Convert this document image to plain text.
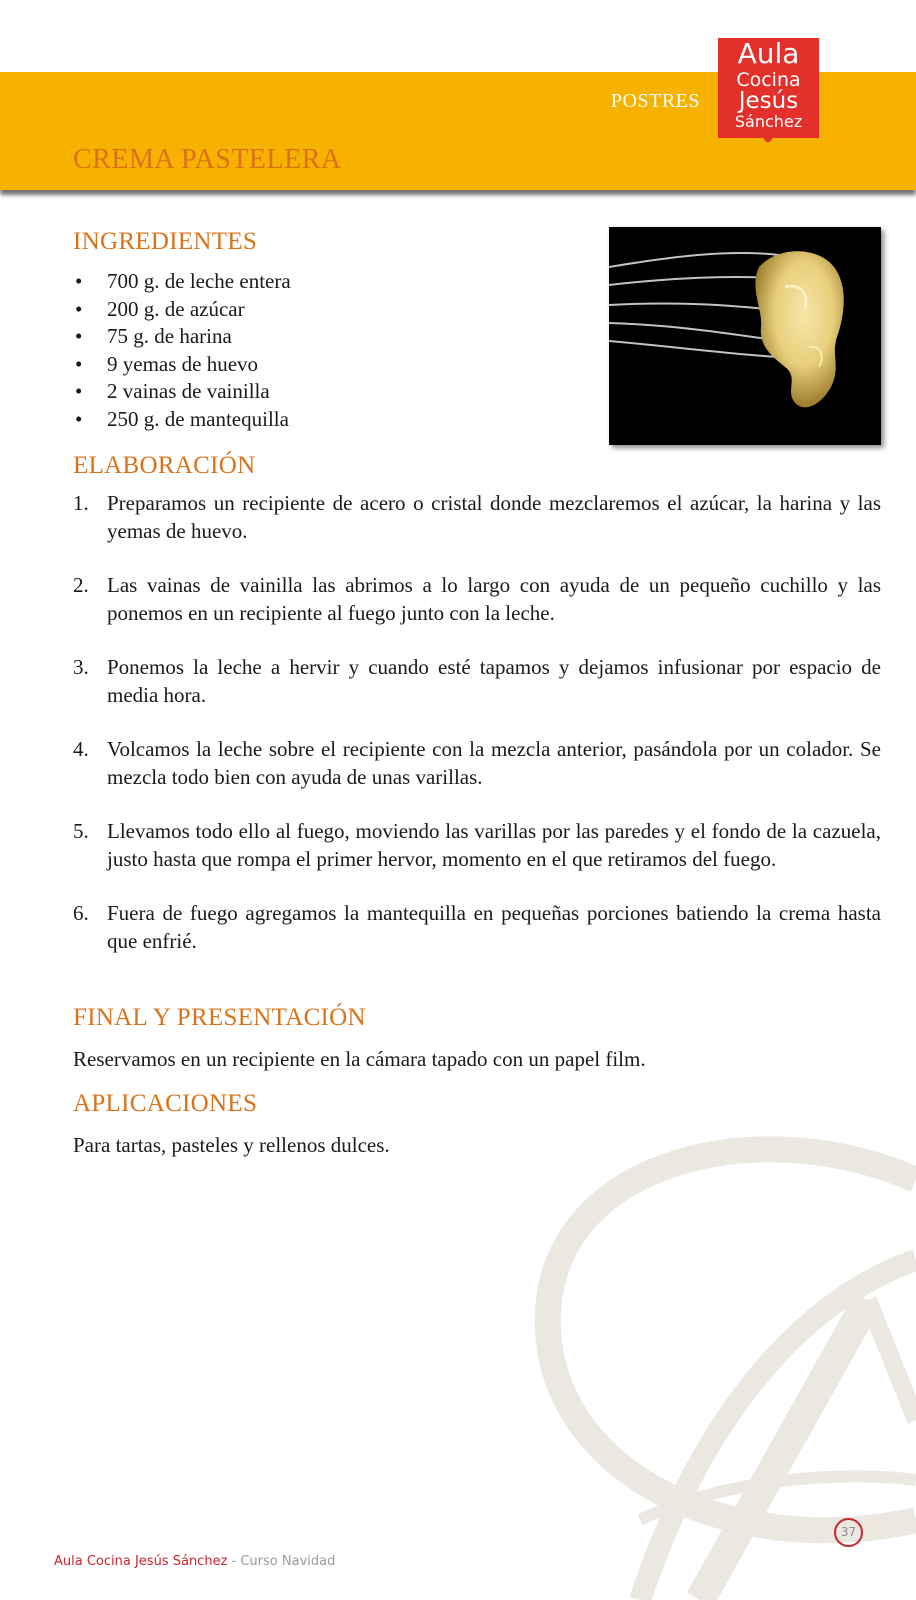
POSTRES
CREMA PASTELERA
Aula
Cocina
Jesús
Sánchez
INGREDIENTES
• 700 g. de leche entera
• 200 g. de azúcar
• 75 g. de harina
• 9 yemas de huevo
• 2 vainas de vainilla
• 250 g. de mantequilla
ELABORACIÓN
1. Preparamos un recipiente de acero o cristal donde mezclaremos el azúcar, la harina y las yemas de huevo.
2. Las vainas de vainilla las abrimos a lo largo con ayuda de un pequeño cuchillo y las ponemos en un recipiente al fuego junto con la leche.
3. Ponemos la leche a hervir y cuando esté tapamos y dejamos infusionar por espacio de media hora.
4. Volcamos la leche sobre el recipiente con la mezcla anterior, pasándola por un colador. Se mezcla todo bien con ayuda de unas varillas.
5. Llevamos todo ello al fuego, moviendo las varillas por las paredes y el fondo de la cazuela, justo hasta que rompa el primer hervor, momento en el que retiramos del fuego.
6. Fuera de fuego agregamos la mantequilla en pequeñas porciones batiendo la crema hasta que enfrié.
FINAL Y PRESENTACIÓN

Reservamos en un recipiente en la cámara tapado con un papel film.

APLICACIONES

Para tartas, pasteles y rellenos dulces.

37
Aula Cocina Jesús Sánchez - Curso Navidad
